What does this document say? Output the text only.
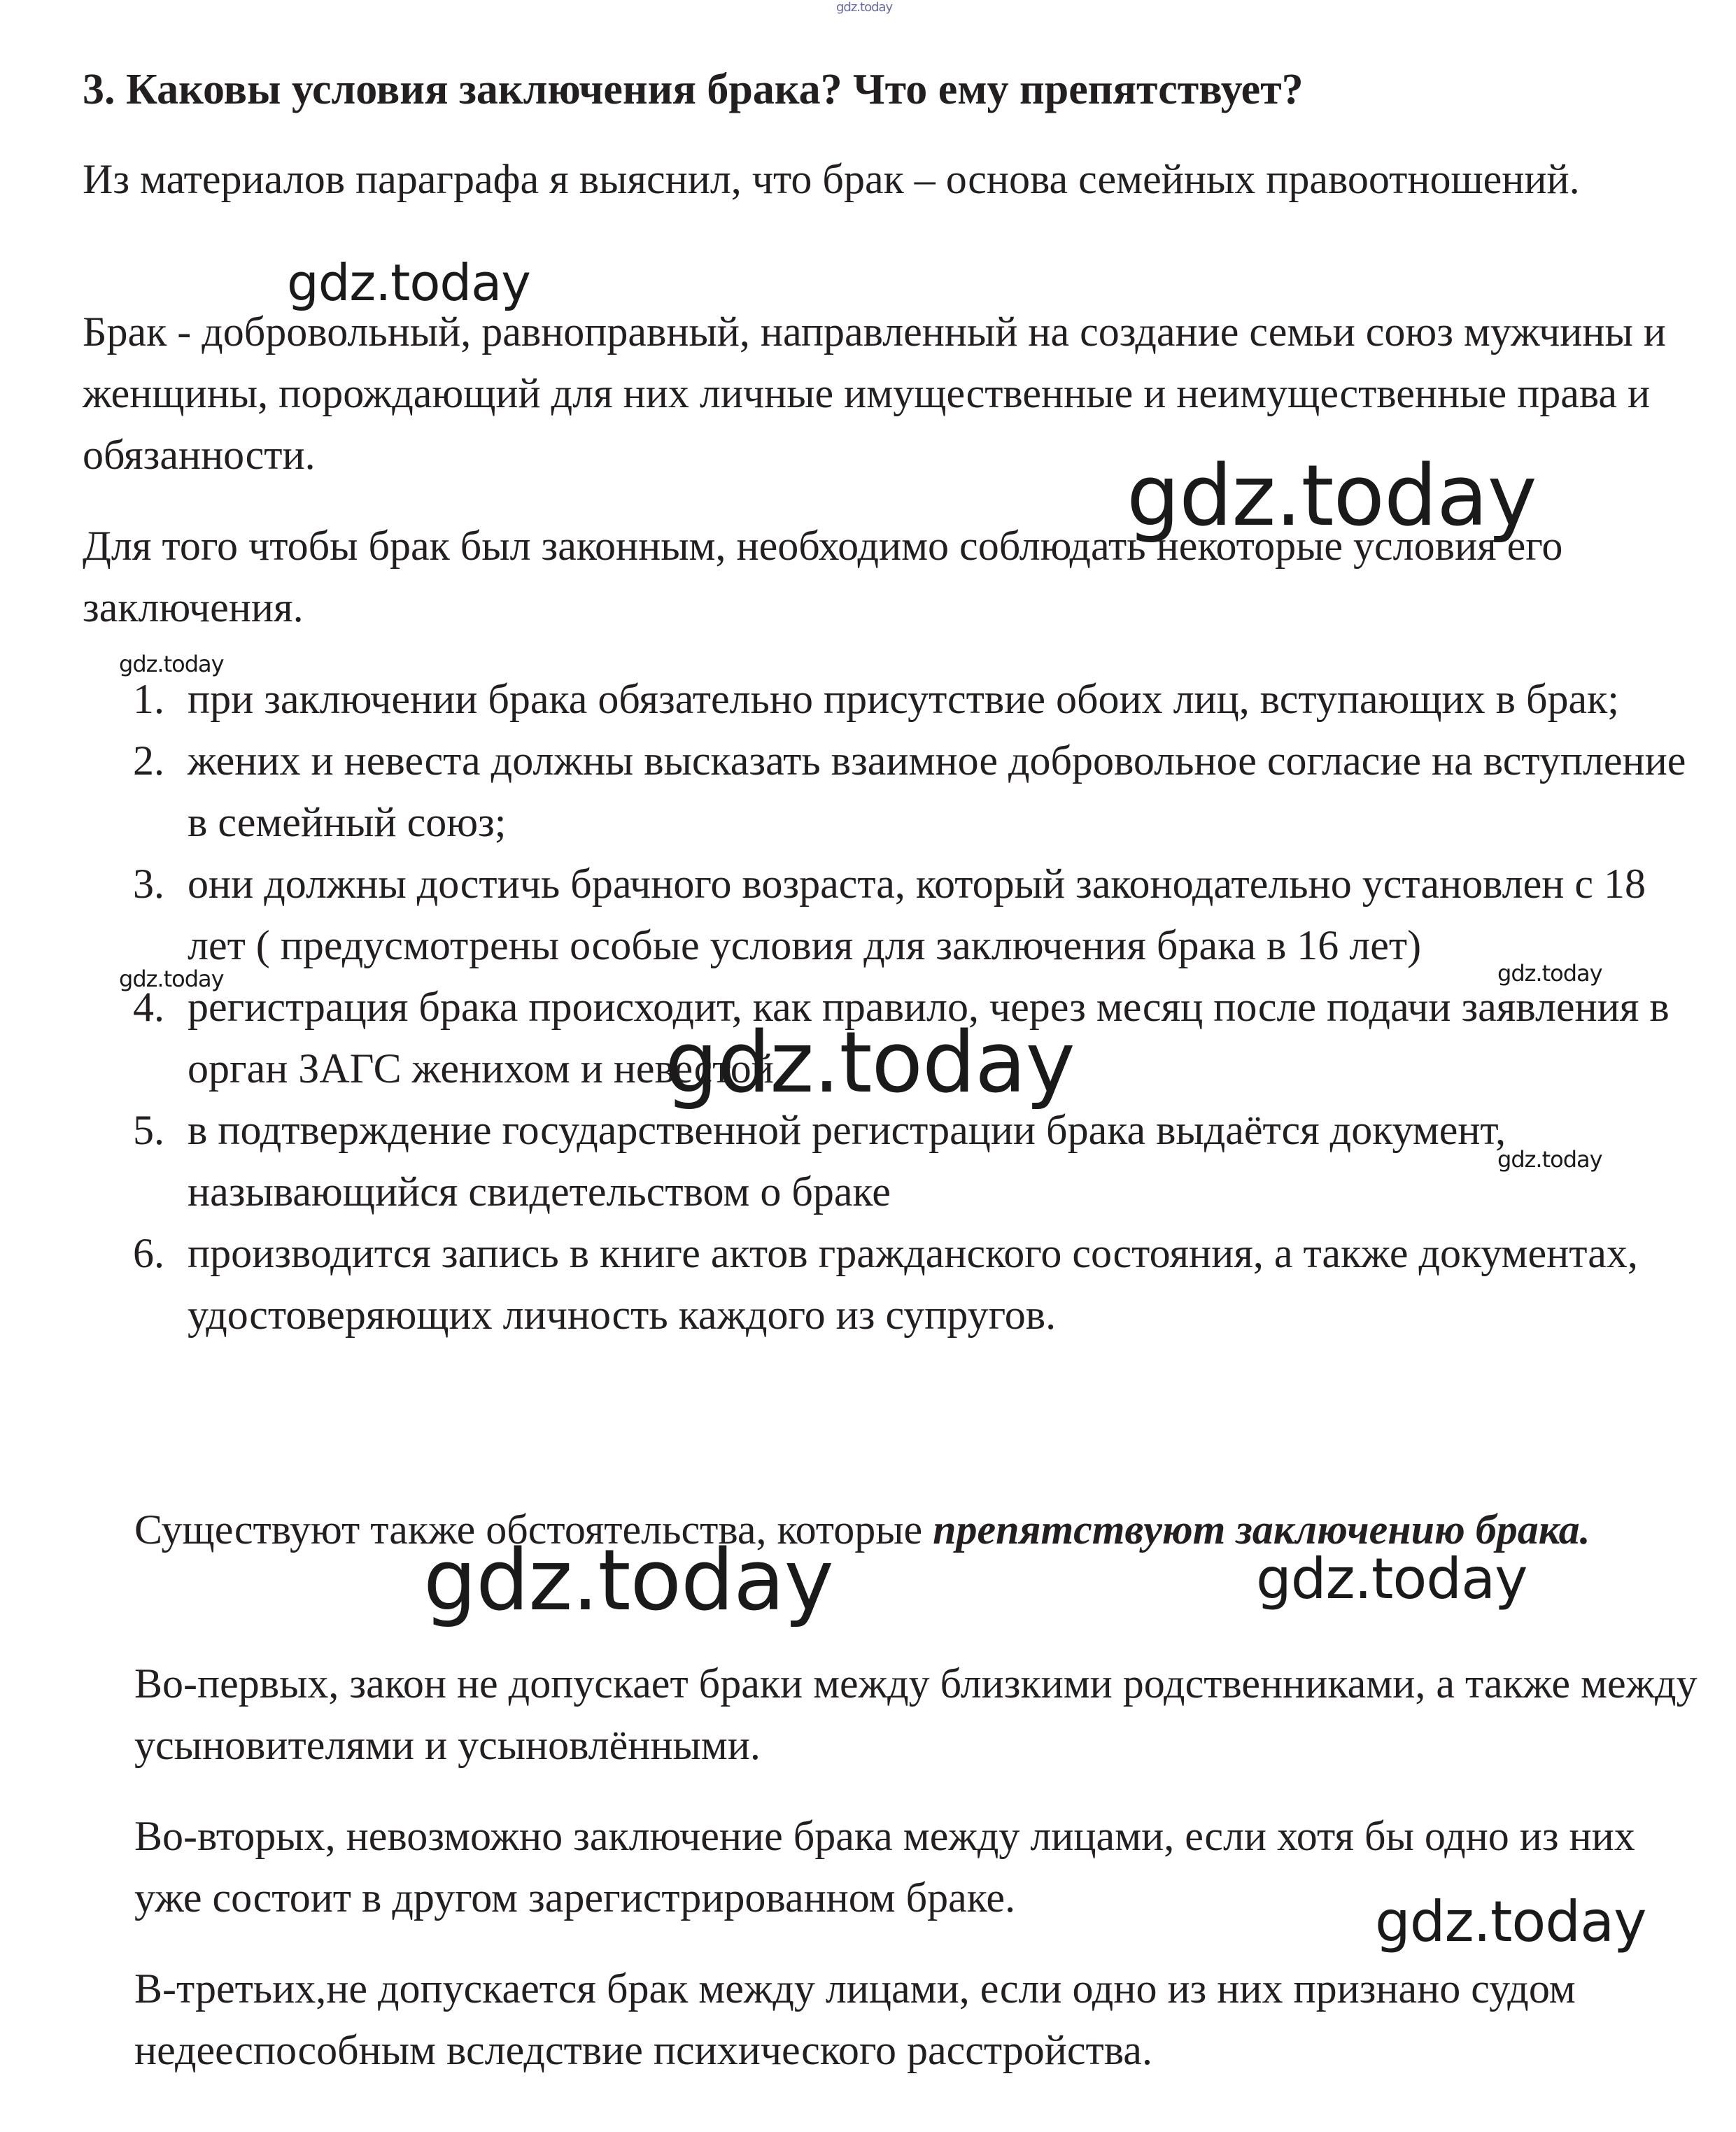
gdz.today
3. Каковы условия заключения брака? Что ему препятствует?

Из материалов параграфа я выяснил, что брак – основа семейных правоотношений.

gdz.today

Брак - добровольный, равноправный, направленный на создание семьи союз мужчины и женщины, порождающий для них личные имущественные и неимущественные права и обязанности.	gdz.today

Для того чтобы брак был законным, необходимо соблюдать некоторые условия его заключения.

gdz.today
1. при заключении брака обязательно присутствие обоих лиц, вступающих в брак;
2. жених и невеста должны высказать взаимное добровольное согласие на вступление в семейный союз;
3. они должны достичь брачного возраста, который законодательно установлен с 18 лет ( предусмотрены особые условия для заключения брака в 16 лет)
4. регистрация брака происходит, как правило, через месяц после подачи заявления в орган ЗАГС женихом и невестой
5. в подтверждение государственной регистрации брака выдаётся документ, называющийся свидетельством о браке
6. производится запись в книге актов гражданского состояния, а также документах, удостоверяющих личность каждого из супругов.
gdz.today	gdz.today
gdz.today
gdz.today

Существуют также обстоятельства, которые препятствуют заключению брака.

gdz.today	gdz.today

Во-первых, закон не допускает браки между близкими родственниками, а также между усыновителями и усыновлёнными.

Во-вторых, невозможно заключение брака между лицами, если хотя бы одно из них уже состоит в другом зарегистрированном браке.	gdz.today

В-третьих,не допускается брак между лицами, если одно из них признано судом недееспособным вследствие психического расстройства.
